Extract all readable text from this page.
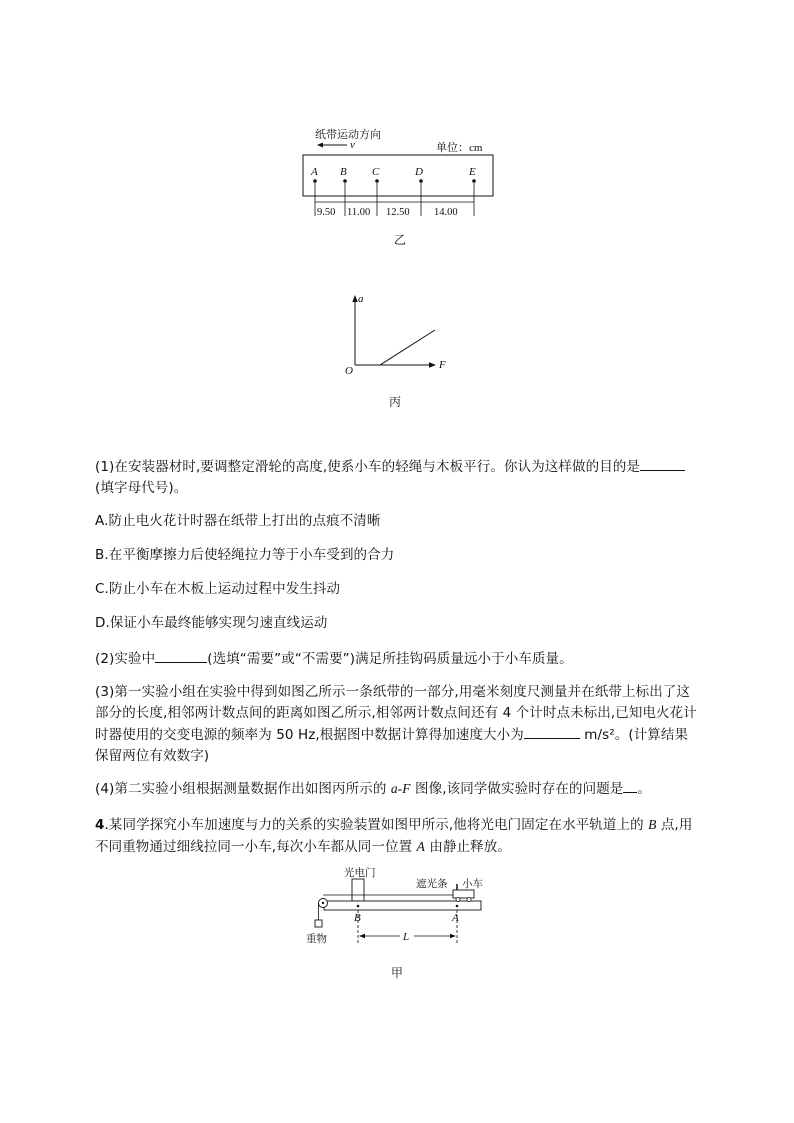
纸带运动方向
v	单位：cm
A B C	D	E
9.50 11.00 12.50 14.00
乙
a
F
O
丙
(1)在安装器材时,要调整定滑轮的高度,使系小车的轻绳与木板平行。你认为这样做的目的是
(填字母代号)。
A.防止电火花计时器在纸带上打出的点痕不清晰
B.在平衡摩擦力后使轻绳拉力等于小车受到的合力
C.防止小车在木板上运动过程中发生抖动
D.保证小车最终能够实现匀速直线运动
(2)实验中	(选填“需要”或“不需要”)满足所挂钩码质量远小于小车质量。
(3)第一实验小组在实验中得到如图乙所示一条纸带的一部分,用毫米刻度尺测量并在纸带上标出了这部分的长度,相邻两计数点间的距离如图乙所示,相邻两计数点间还有 4 个计时点未标出,已知电火花计时器使用的交变电源的频率为 50 Hz,根据图中数据计算得加速度大小为	m/s²。(计算结果保留两位有效数字)
(4)第二实验小组根据测量数据作出如图丙所示的 a-F 图像,该同学做实验时存在的问题是 。
4.某同学探究小车加速度与力的关系的实验装置如图甲所示,他将光电门固定在水平轨道上的 B 点,用不同重物通过细线拉同一小车,每次小车都从同一位置 A 由静止释放。
光电门
遮光条 小车
重物
B	A
L
甲
